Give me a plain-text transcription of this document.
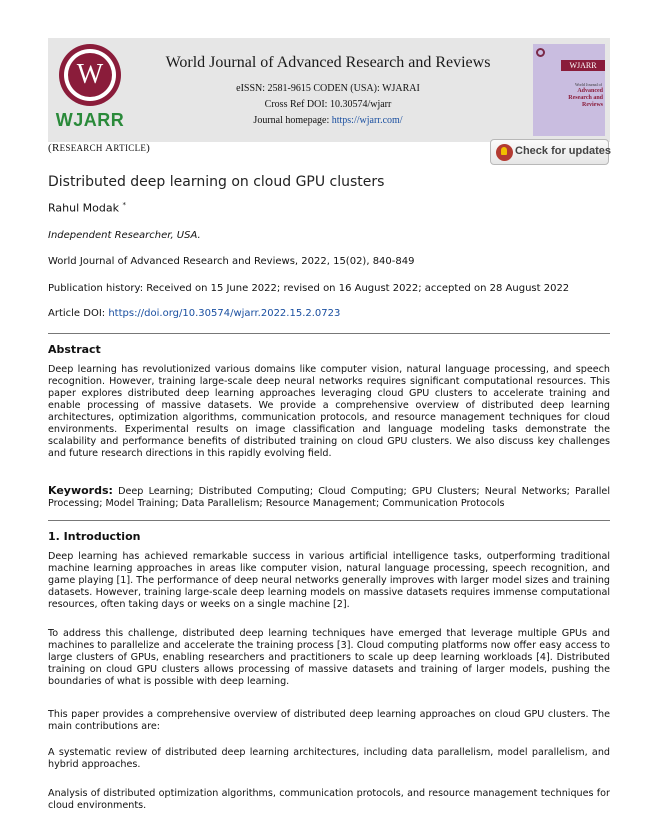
W
WJARR
World Journal of Advanced Research and Reviews
eISSN: 2581-9615 CODEN (USA): WJARAI
Cross Ref DOI: 10.30574/wjarr
Journal homepage: https://wjarr.com/
WJARR
World Journal of
Advanced
Research and
Reviews
(RESEARCH ARTICLE)	Check for updates
Distributed deep learning on cloud GPU clusters
Rahul Modak *
Independent Researcher, USA.
World Journal of Advanced Research and Reviews, 2022, 15(02), 840-849
Publication history: Received on 15 June 2022; revised on 16 August 2022; accepted on 28 August 2022
Article DOI: https://doi.org/10.30574/wjarr.2022.15.2.0723
Abstract
Deep learning has revolutionized various domains like computer vision, natural language processing, and speech recognition. However, training large-scale deep neural networks requires significant computational resources. This paper explores distributed deep learning approaches leveraging cloud GPU clusters to accelerate training and enable processing of massive datasets. We provide a comprehensive overview of distributed deep learning architectures, optimization algorithms, communication protocols, and resource management techniques for cloud environments. Experimental results on image classification and language modeling tasks demonstrate the scalability and performance benefits of distributed training on cloud GPU clusters. We also discuss key challenges and future research directions in this rapidly evolving field.
Keywords: Deep Learning; Distributed Computing; Cloud Computing; GPU Clusters; Neural Networks; Parallel Processing; Model Training; Data Parallelism; Resource Management; Communication Protocols
1. Introduction
Deep learning has achieved remarkable success in various artificial intelligence tasks, outperforming traditional machine learning approaches in areas like computer vision, natural language processing, speech recognition, and game playing [1]. The performance of deep neural networks generally improves with larger model sizes and training datasets. However, training large-scale deep learning models on massive datasets requires immense computational resources, often taking days or weeks on a single machine [2].
To address this challenge, distributed deep learning techniques have emerged that leverage multiple GPUs and machines to parallelize and accelerate the training process [3]. Cloud computing platforms now offer easy access to large clusters of GPUs, enabling researchers and practitioners to scale up deep learning workloads [4]. Distributed training on cloud GPU clusters allows processing of massive datasets and training of larger models, pushing the boundaries of what is possible with deep learning.
This paper provides a comprehensive overview of distributed deep learning approaches on cloud GPU clusters. The main contributions are:
A systematic review of distributed deep learning architectures, including data parallelism, model parallelism, and hybrid approaches.
Analysis of distributed optimization algorithms, communication protocols, and resource management techniques for cloud environments.
